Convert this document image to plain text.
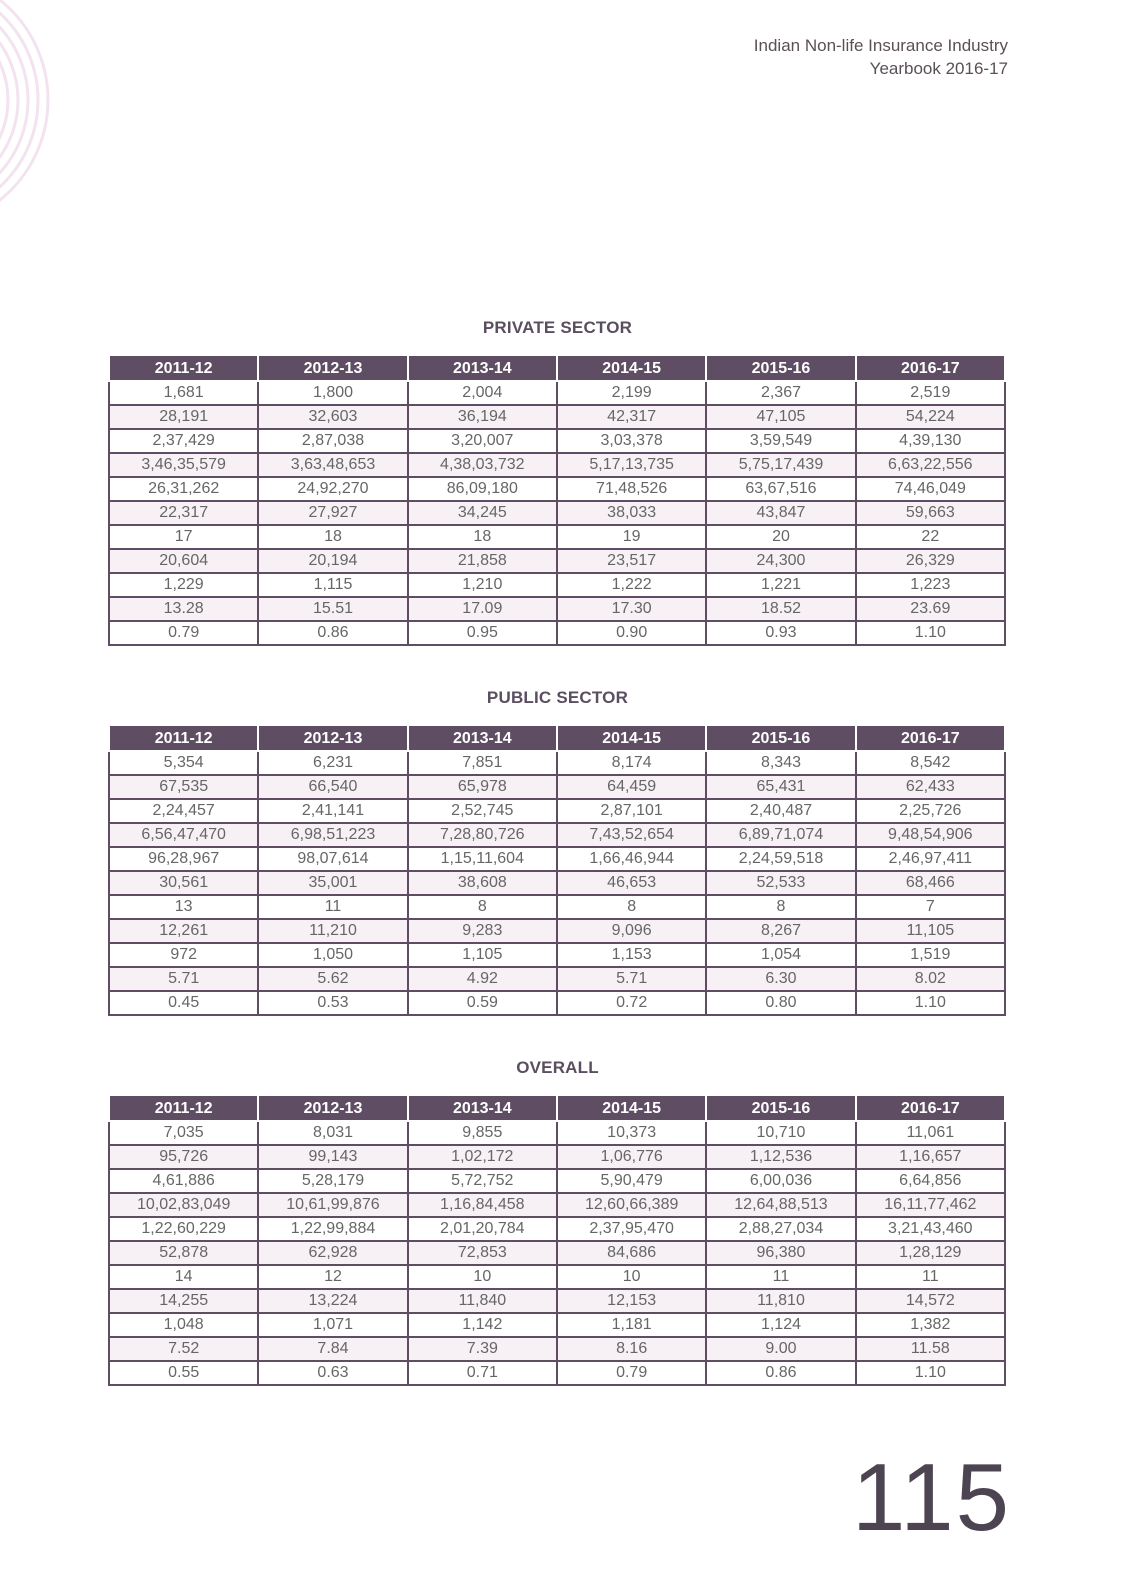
Indian Non-life Insurance Industry
Yearbook 2016-17
PRIVATE SECTOR
2011-12	2012-13	2013-14	2014-15	2015-16	2016-17
1,681	1,800	2,004	2,199	2,367	2,519
28,191	32,603	36,194	42,317	47,105	54,224
2,37,429	2,87,038	3,20,007	3,03,378	3,59,549	4,39,130
3,46,35,579	3,63,48,653	4,38,03,732	5,17,13,735	5,75,17,439	6,63,22,556
26,31,262	24,92,270	86,09,180	71,48,526	63,67,516	74,46,049
22,317	27,927	34,245	38,033	43,847	59,663
17	18	18	19	20	22
20,604	20,194	21,858	23,517	24,300	26,329
1,229	1,115	1,210	1,222	1,221	1,223
13.28	15.51	17.09	17.30	18.52	23.69
0.79	0.86	0.95	0.90	0.93	1.10
PUBLIC SECTOR
2011-12	2012-13	2013-14	2014-15	2015-16	2016-17
5,354	6,231	7,851	8,174	8,343	8,542
67,535	66,540	65,978	64,459	65,431	62,433
2,24,457	2,41,141	2,52,745	2,87,101	2,40,487	2,25,726
6,56,47,470	6,98,51,223	7,28,80,726	7,43,52,654	6,89,71,074	9,48,54,906
96,28,967	98,07,614	1,15,11,604	1,66,46,944	2,24,59,518	2,46,97,411
30,561	35,001	38,608	46,653	52,533	68,466
13	11	8	8	8	7
12,261	11,210	9,283	9,096	8,267	11,105
972	1,050	1,105	1,153	1,054	1,519
5.71	5.62	4.92	5.71	6.30	8.02
0.45	0.53	0.59	0.72	0.80	1.10
OVERALL
2011-12	2012-13	2013-14	2014-15	2015-16	2016-17
7,035	8,031	9,855	10,373	10,710	11,061
95,726	99,143	1,02,172	1,06,776	1,12,536	1,16,657
4,61,886	5,28,179	5,72,752	5,90,479	6,00,036	6,64,856
10,02,83,049	10,61,99,876	1,16,84,458	12,60,66,389	12,64,88,513	16,11,77,462
1,22,60,229	1,22,99,884	2,01,20,784	2,37,95,470	2,88,27,034	3,21,43,460
52,878	62,928	72,853	84,686	96,380	1,28,129
14	12	10	10	11	11
14,255	13,224	11,840	12,153	11,810	14,572
1,048	1,071	1,142	1,181	1,124	1,382
7.52	7.84	7.39	8.16	9.00	11.58
0.55	0.63	0.71	0.79	0.86	1.10
115
